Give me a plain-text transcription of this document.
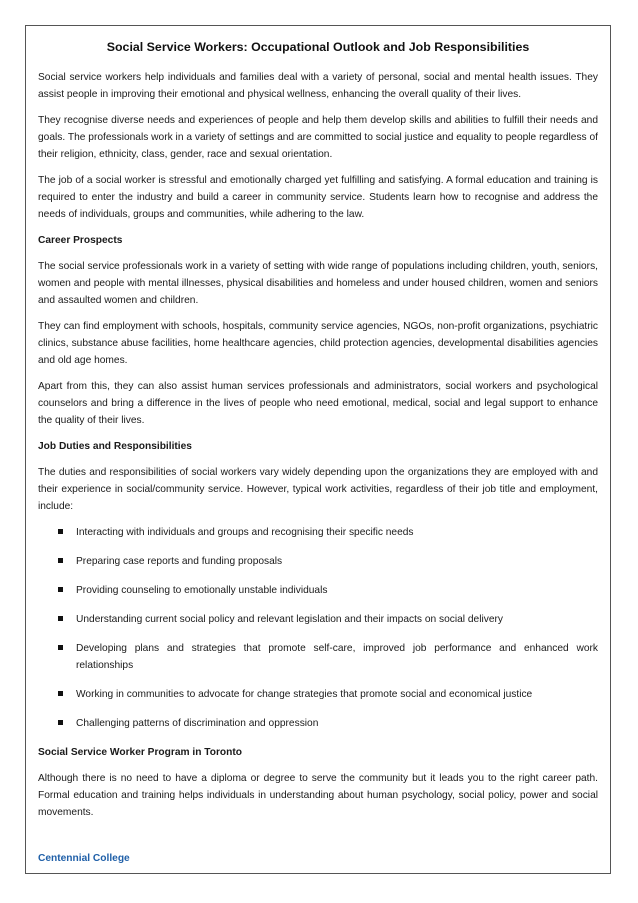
Social Service Workers: Occupational Outlook and Job Responsibilities

Social service workers help individuals and families deal with a variety of personal, social and mental health issues. They assist people in improving their emotional and physical wellness, enhancing the overall quality of their lives.

They recognise diverse needs and experiences of people and help them develop skills and abilities to fulfill their needs and goals. The professionals work in a variety of settings and are committed to social justice and equality to people regardless of their religion, ethnicity, class, gender, race and sexual orientation.

The job of a social worker is stressful and emotionally charged yet fulfilling and satisfying. A formal education and training is required to enter the industry and build a career in community service. Students learn how to recognise and address the needs of individuals, groups and communities, while adhering to the law.

Career Prospects

The social service professionals work in a variety of setting with wide range of populations including children, youth, seniors, women and people with mental illnesses, physical disabilities and homeless and under housed children, women and seniors and assaulted women and children.

They can find employment with schools, hospitals, community service agencies, NGOs, non-profit organizations, psychiatric clinics, substance abuse facilities, home healthcare agencies, child protection agencies, developmental disabilities agencies and old age homes.

Apart from this, they can also assist human services professionals and administrators, social workers and psychological counselors and bring a difference in the lives of people who need emotional, medical, social and legal support to enhance the quality of their lives.

Job Duties and Responsibilities

The duties and responsibilities of social workers vary widely depending upon the organizations they are employed with and their experience in social/community service. However, typical work activities, regardless of their job title and employment, include:

Interacting with individuals and groups and recognising their specific needs
Preparing case reports and funding proposals
Providing counseling to emotionally unstable individuals
Understanding current social policy and relevant legislation and their impacts on social delivery
Developing plans and strategies that promote self-care, improved job performance and enhanced work relationships
Working in communities to advocate for change strategies that promote social and economical justice
Challenging patterns of discrimination and oppression
Social Service Worker Program in Toronto

Although there is no need to have a diploma or degree to serve the community but it leads you to the right career path. Formal education and training helps individuals in understanding about human psychology, social policy, power and social movements.

Centennial College
